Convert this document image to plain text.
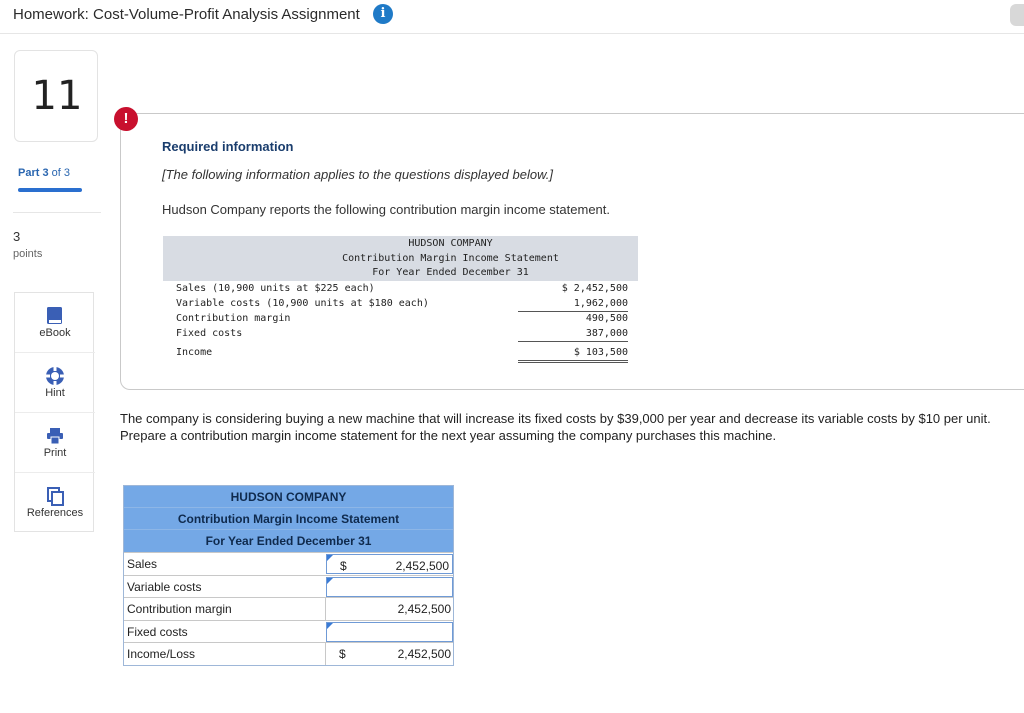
Homework: Cost-Volume-Profit Analysis Assignment	i
11
Part 3 of 3
3
points
eBook
Hint
Print
References
!
Required information
[The following information applies to the questions displayed below.]
Hudson Company reports the following contribution margin income statement.
HUDSON COMPANY
Contribution Margin Income Statement
For Year Ended December 31
Sales (10,900 units at $225 each)	$ 2,452,500
Variable costs (10,900 units at $180 each)	1,962,000
Contribution margin	490,500
Fixed costs	387,000
Income	$ 103,500
The company is considering buying a new machine that will increase its fixed costs by $39,000 per year and decrease its variable costs by $10 per unit. Prepare a contribution margin income statement for the next year assuming the company purchases this machine.
HUDSON COMPANY
Contribution Margin Income Statement
For Year Ended December 31
Sales	$	2,452,500
Variable costs
Contribution margin	2,452,500
Fixed costs
Income/Loss	$	2,452,500
